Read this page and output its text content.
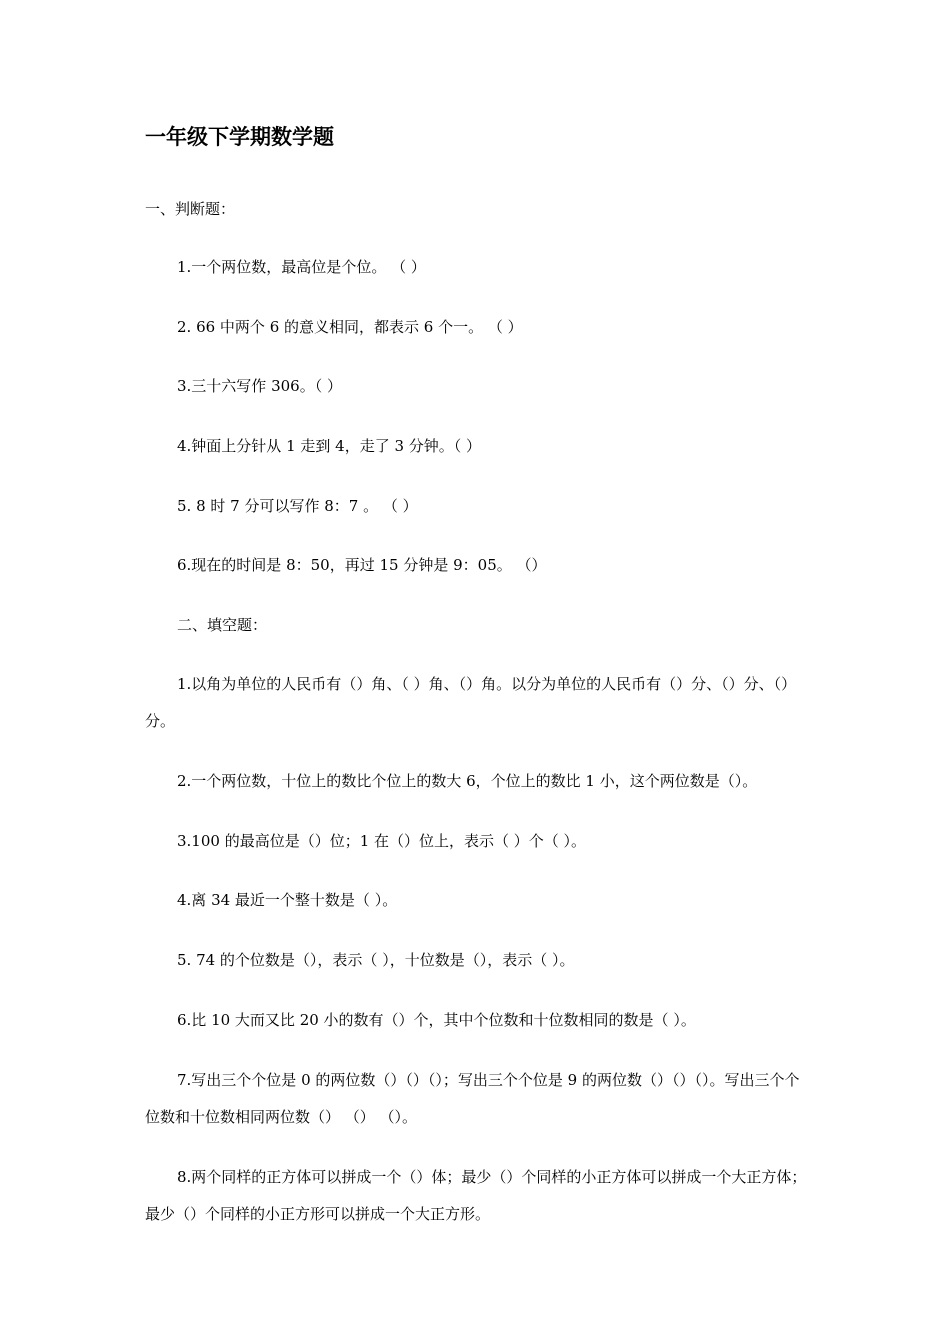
一年级下学期数学题
一、判断题：
1.一个两位数，最高位是个位。 （ ）
2. 66 中两个 6 的意义相同，都表示 6 个一。 （ ）
3.三十六写作 306。（ ）
4.钟面上分针从 1 走到 4，走了 3 分钟。（ ）
5. 8 时 7 分可以写作 8：7 。 （ ）
6.现在的时间是 8：50，再过 15 分钟是 9：05。 （）
二、填空题：
1.以角为单位的人民币有（）角、（ ）角、（）角。以分为单位的人民币有（）分、（）分、（）分。
2.一个两位数，十位上的数比个位上的数大 6，个位上的数比 1 小，这个两位数是（）。
3.100 的最高位是（）位；1 在（）位上，表示（ ）个（ ）。
4.离 34 最近一个整十数是（ ）。
5. 74 的个位数是（），表示（ ），十位数是（），表示（ ）。
6.比 10 大而又比 20 小的数有（）个，其中个位数和十位数相同的数是（ ）。
7.写出三个个位是 0 的两位数（）（）（）；写出三个个位是 9 的两位数（）（）（）。写出三个个位数和十位数相同两位数（） （） （）。
8.两个同样的正方体可以拼成一个（）体；最少（）个同样的小正方体可以拼成一个大正方体；最少（）个同样的小正方形可以拼成一个大正方形。
